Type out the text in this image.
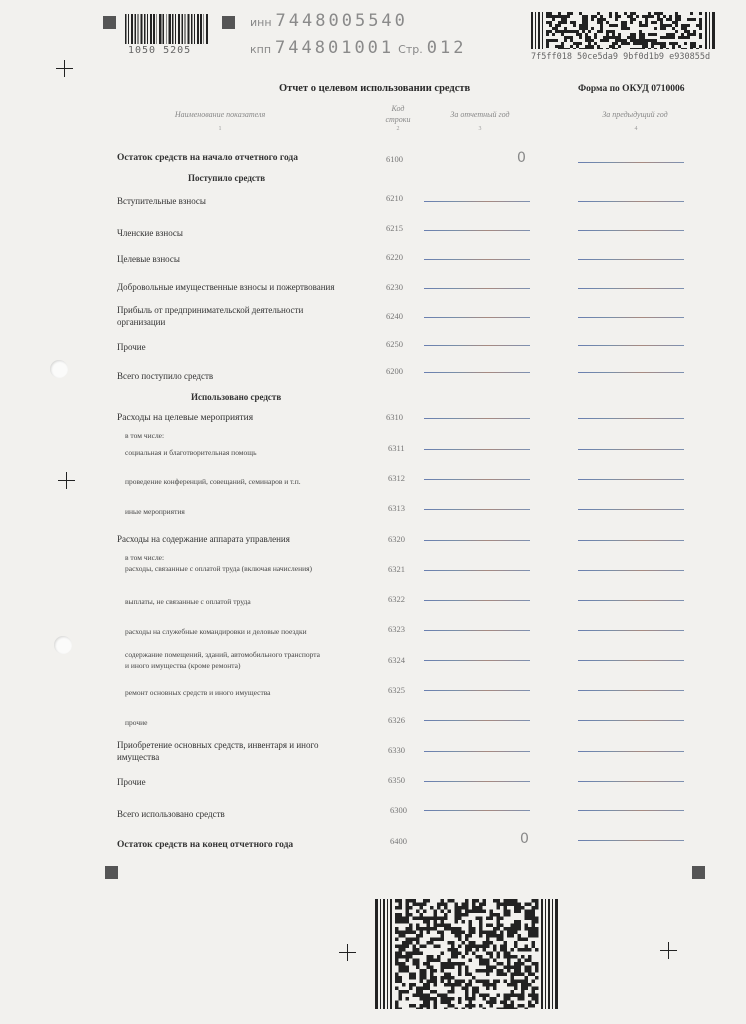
1050 5205
инн 7448005540
кпп 744801001 Стр. 012	7f5ff018 50ce5da9 9bf0d1b9 e930855d
Отчет о целевом использовании средств	Форма по ОКУД 0710006
Наименование показателя
Код
строки
За отчетный год	За предыдущий год
1	2	3	4
Остаток средств на начало отчетного года	6100	0
Поступило средств
Вступительные взносы	6210
Членские взносы	6215
Целевые взносы	6220
Добровольные имущественные взносы и пожертвования	6230
Прибыль от предпринимательской деятельности
организации
6240
Прочие	6250
Всего поступило средств	6200
Использовано средств
Расходы на целевые мероприятия	6310
в том числе:
социальная и благотворительная помощь	6311
проведение конференций, совещаний, семинаров и т.п.	6312
иные мероприятия	6313
Расходы на содержание аппарата управления	6320
в том числе:
расходы, связанные с оплатой труда (включая начисления)	6321
выплаты, не связанные с оплатой труда	6322
расходы на служебные командировки и деловые поездки	6323
содержание помещений, зданий, автомобильного транспорта
и иного имущества (кроме ремонта)
6324
ремонт основных средств и иного имущества	6325
прочие	6326
Приобретение основных средств, инвентаря и иного
имущества
6330
Прочие	6350
Всего использовано средств	6300
Остаток средств на конец отчетного года	6400	0
